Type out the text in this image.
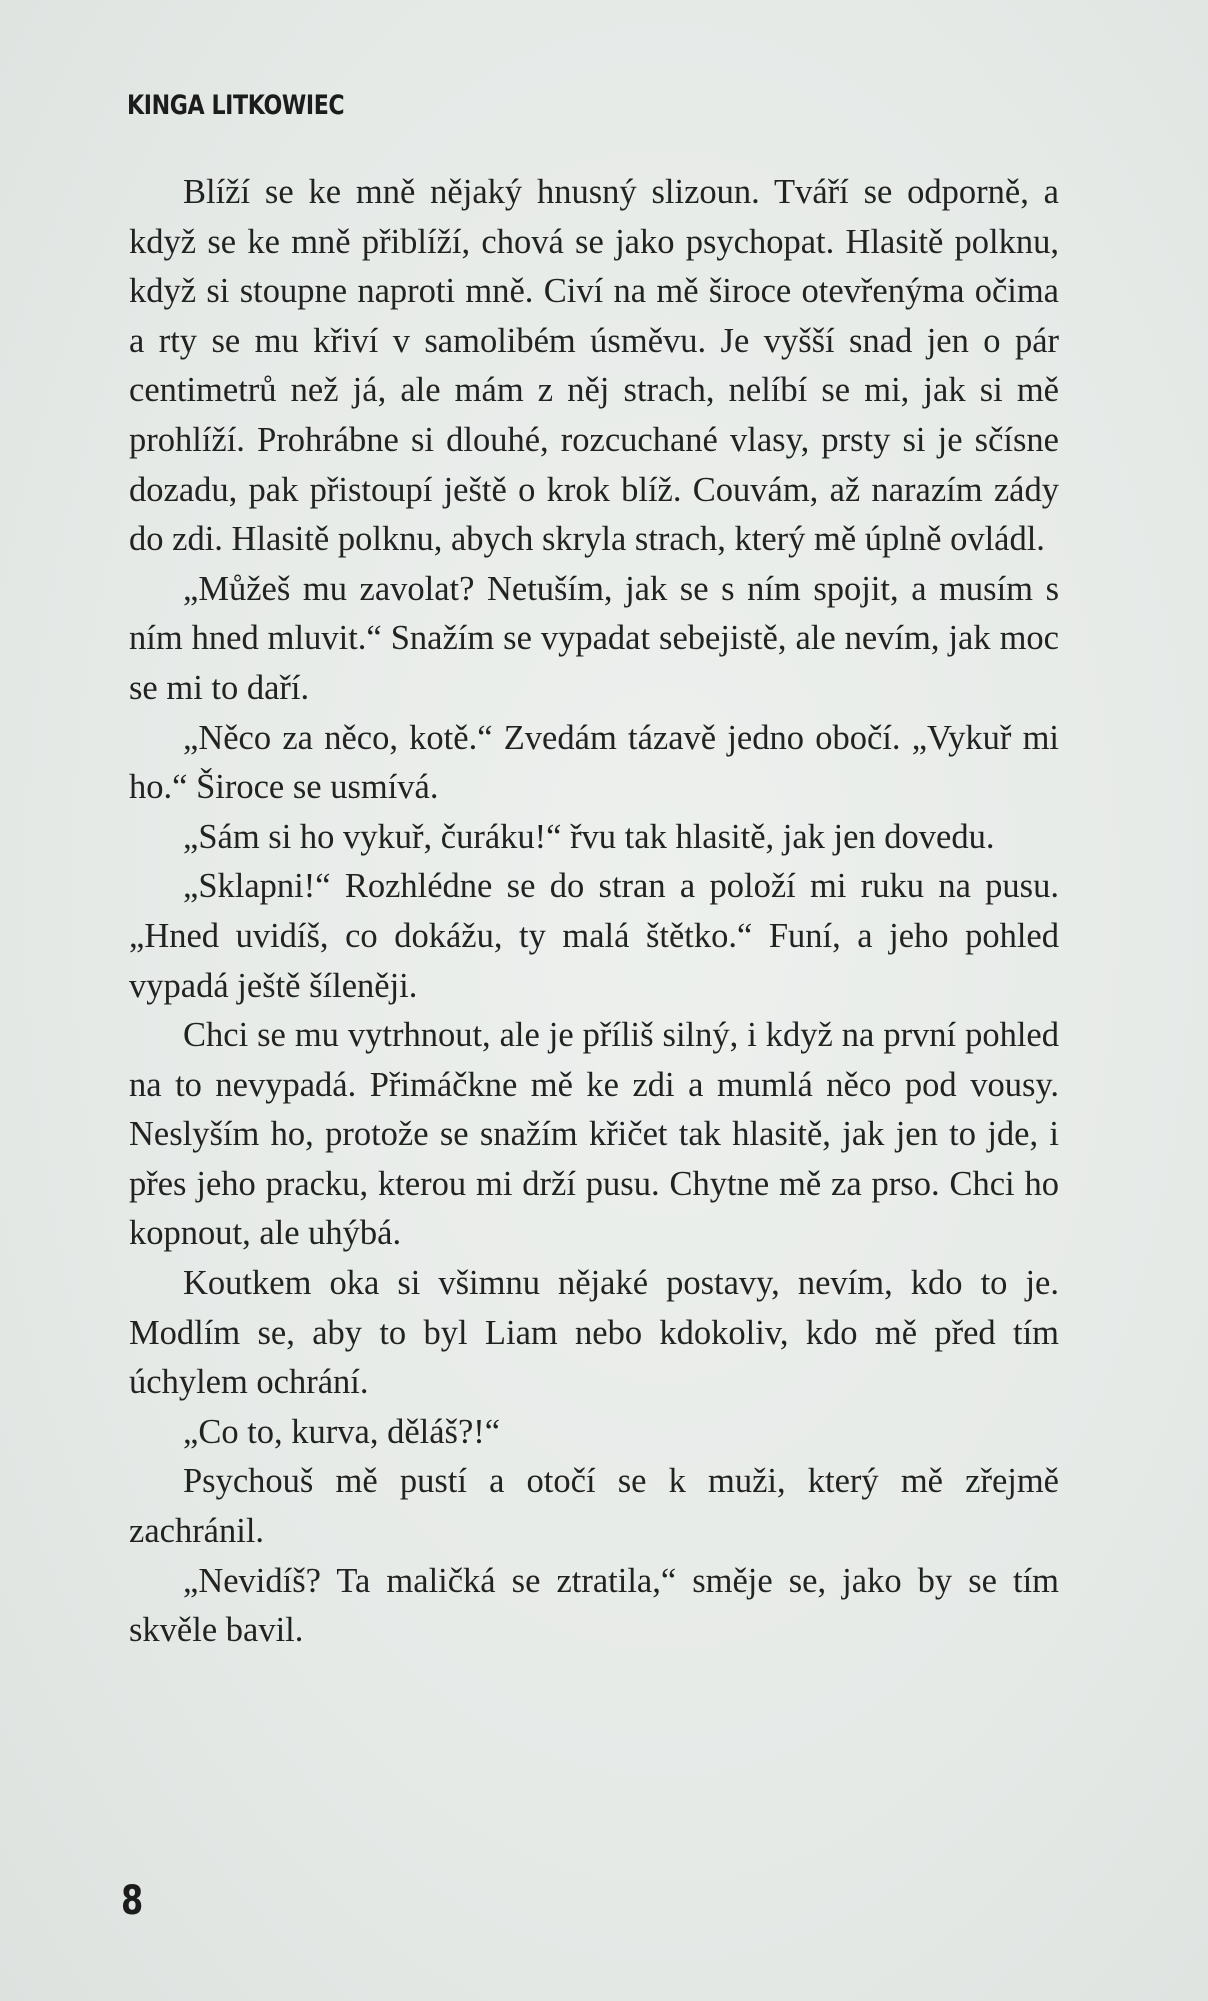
KINGA LITKOWIEC

Blíží se ke mně nějaký hnusný slizoun. Tváří se odporně, a když se ke mně přiblíží, chová se jako psychopat. Hlasitě polknu, když si stoupne naproti mně. Civí na mě široce otevřenýma očima a rty se mu křiví v samolibém úsměvu. Je vyšší snad jen o pár centimetrů než já, ale mám z něj strach, nelíbí se mi, jak si mě prohlíží. Prohrábne si dlouhé, rozcuchané vlasy, prsty si je sčísne dozadu, pak přistoupí ještě o krok blíž. Couvám, až narazím zády do zdi. Hlasitě polknu, abych skryla strach, který mě úplně ovládl.

„Můžeš mu zavolat? Netuším, jak se s ním spojit, a musím s ním hned mluvit.“ Snažím se vypadat sebejistě, ale nevím, jak moc se mi to daří.

„Něco za něco, kotě.“ Zvedám tázavě jedno obočí. „Vykuř mi ho.“ Široce se usmívá.

„Sám si ho vykuř, čuráku!“ řvu tak hlasitě, jak jen dovedu.

„Sklapni!“ Rozhlédne se do stran a položí mi ruku na pusu. „Hned uvidíš, co dokážu, ty malá štětko.“ Funí, a jeho pohled vypadá ještě šíleněji.

Chci se mu vytrhnout, ale je příliš silný, i když na první pohled na to nevypadá. Přimáčkne mě ke zdi a mumlá něco pod vousy. Neslyším ho, protože se snažím křičet tak hlasitě, jak jen to jde, i přes jeho pracku, kterou mi drží pusu. Chytne mě za prso. Chci ho kopnout, ale uhýbá.

Koutkem oka si všimnu nějaké postavy, nevím, kdo to je. Modlím se, aby to byl Liam nebo kdokoliv, kdo mě před tím úchylem ochrání.

„Co to, kurva, děláš?!“

Psychouš mě pustí a otočí se k muži, který mě zřejmě zachránil.

„Nevidíš? Ta maličká se ztratila,“ směje se, jako by se tím skvěle bavil.

8
